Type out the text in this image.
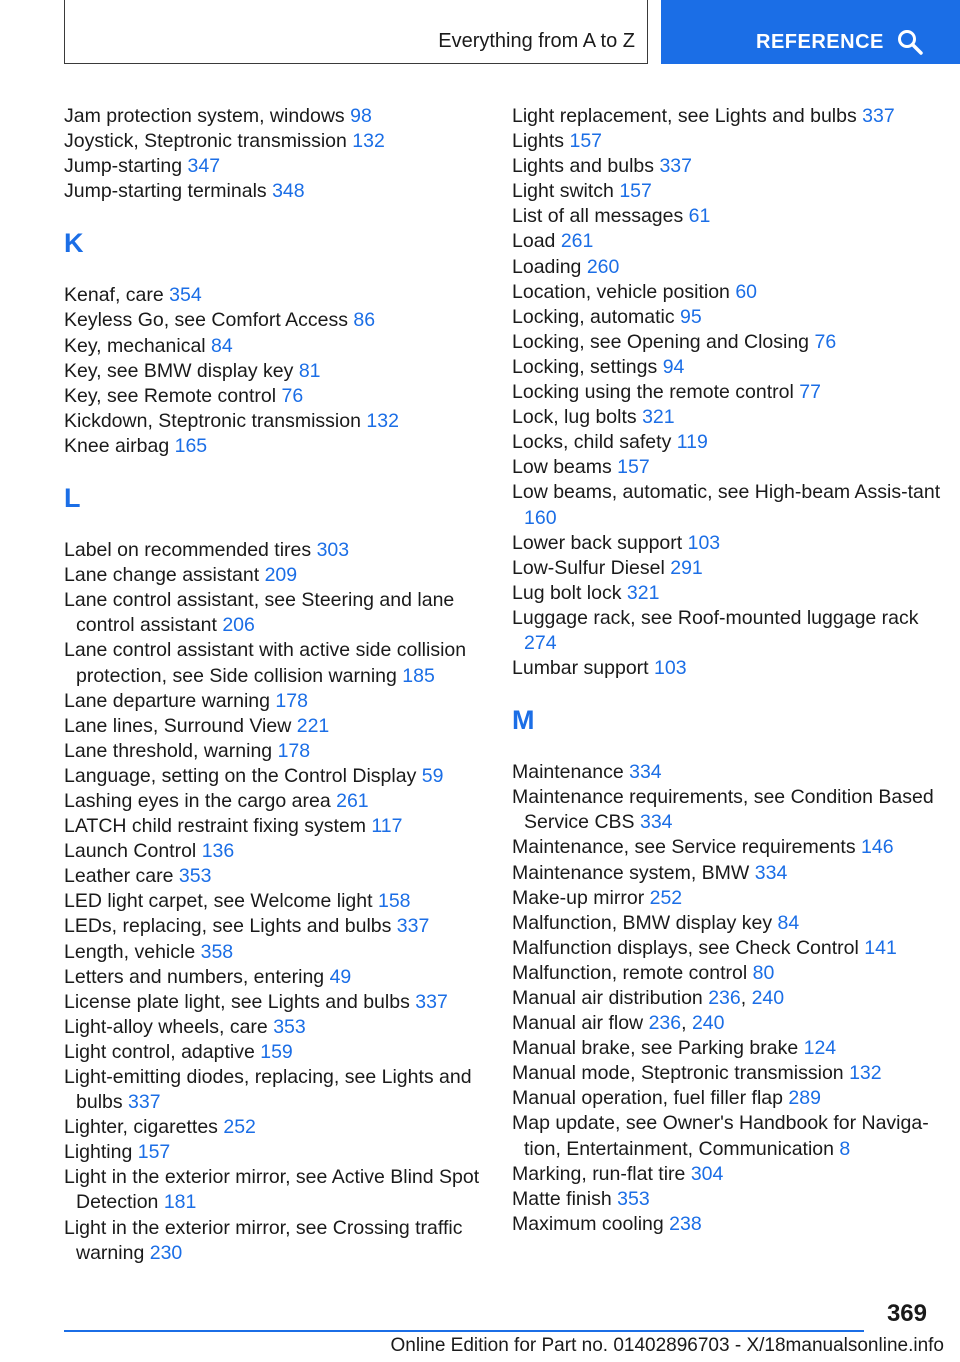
Everything from A to Z	REFERENCE
Jam protection system, windows 98
Joystick, Steptronic transmission 132
Jump-starting 347
Jump-starting terminals 348
K
Kenaf, care 354
Keyless Go, see Comfort Access 86
Key, mechanical 84
Key, see BMW display key 81
Key, see Remote control 76
Kickdown, Steptronic transmission 132
Knee airbag 165
L
Label on recommended tires 303
Lane change assistant 209
Lane control assistant, see Steering and lane control assistant 206
Lane control assistant with active side collision protection, see Side collision warning 185
Lane departure warning 178
Lane lines, Surround View 221
Lane threshold, warning 178
Language, setting on the Control Display 59
Lashing eyes in the cargo area 261
LATCH child restraint fixing system 117
Launch Control 136
Leather care 353
LED light carpet, see Welcome light 158
LEDs, replacing, see Lights and bulbs 337
Length, vehicle 358
Letters and numbers, entering 49
License plate light, see Lights and bulbs 337
Light-alloy wheels, care 353
Light control, adaptive 159
Light-emitting diodes, replacing, see Lights and bulbs 337
Lighter, cigarettes 252
Lighting 157
Light in the exterior mirror, see Active Blind Spot Detection 181
Light in the exterior mirror, see Crossing traffic warning 230
Light replacement, see Lights and bulbs 337
Lights 157
Lights and bulbs 337
Light switch 157
List of all messages 61
Load 261
Loading 260
Location, vehicle position 60
Locking, automatic 95
Locking, see Opening and Closing 76
Locking, settings 94
Locking using the remote control 77
Lock, lug bolts 321
Locks, child safety 119
Low beams 157
Low beams, automatic, see High-beam Assis‐tant 160
Lower back support 103
Low-Sulfur Diesel 291
Lug bolt lock 321
Luggage rack, see Roof-mounted luggage rack 274
Lumbar support 103
M
Maintenance 334
Maintenance requirements, see Condition Based Service CBS 334
Maintenance, see Service requirements 146
Maintenance system, BMW 334
Make-up mirror 252
Malfunction, BMW display key 84
Malfunction displays, see Check Control 141
Malfunction, remote control 80
Manual air distribution 236, 240
Manual air flow 236, 240
Manual brake, see Parking brake 124
Manual mode, Steptronic transmission 132
Manual operation, fuel filler flap 289
Map update, see Owner's Handbook for Naviga‐tion, Entertainment, Communication 8
Marking, run-flat tire 304
Matte finish 353
Maximum cooling 238
369
Online Edition for Part no. 01402896703 - X/18manualsonline.info
